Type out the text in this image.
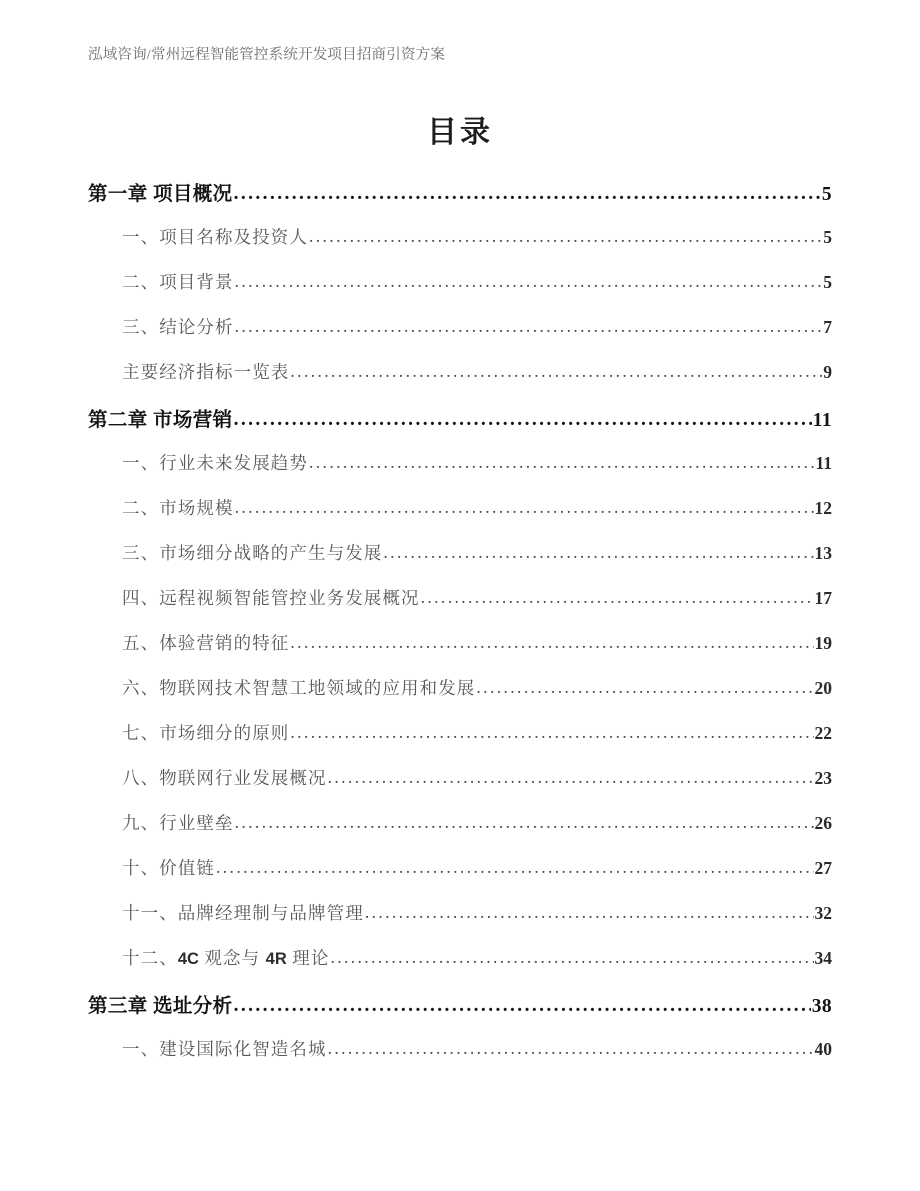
泓域咨询/常州远程智能管控系统开发项目招商引资方案
目录
第一章 项目概况 .....	5
一、项目名称及投资人 .....	5
二、项目背景 .....	5
三、结论分析 .....	7
主要经济指标一览表 .....	9
第二章 市场营销 .....	11
一、行业未来发展趋势 .....	11
二、市场规模 .....	12
三、市场细分战略的产生与发展 .....	13
四、远程视频智能管控业务发展概况 .....	17
五、体验营销的特征 .....	19
六、物联网技术智慧工地领域的应用和发展 .....	20
七、市场细分的原则 .....	22
八、物联网行业发展概况 .....	23
九、行业壁垒 .....	26
十、价值链 .....	27
十一、品牌经理制与品牌管理 .....	32
十二、4C 观念与 4R 理论 .....	34
第三章 选址分析 .....	38
一、建设国际化智造名城 .....	40
